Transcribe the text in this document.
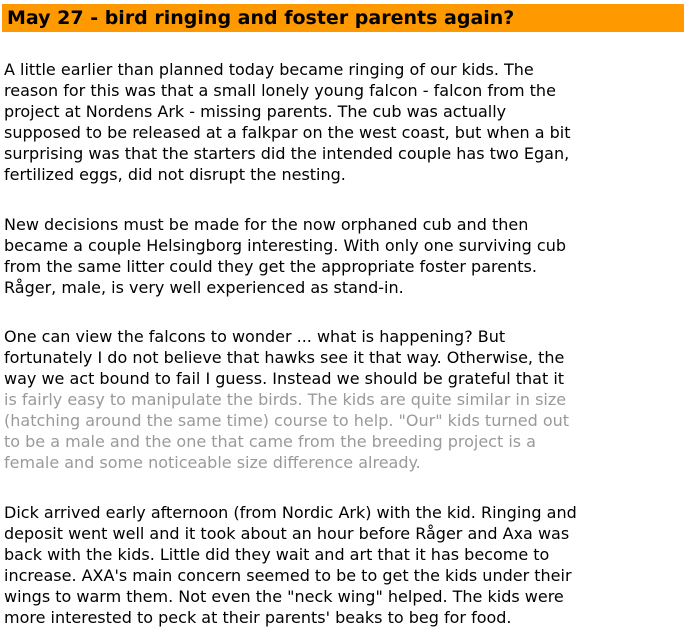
May 27 - bird ringing and foster parents again?
A little earlier than planned today became ringing of our kids. The
reason for this was that a small lonely young falcon - falcon from the
project at Nordens Ark - missing parents. The cub was actually
supposed to be released at a falkpar on the west coast, but when a bit
surprising was that the starters did the intended couple has two Egan,
fertilized eggs, did not disrupt the nesting.
New decisions must be made for the now orphaned cub and then
became a couple Helsingborg interesting. With only one surviving cub
from the same litter could they get the appropriate foster parents.
Råger, male, is very well experienced as stand-in.
One can view the falcons to wonder ... what is happening? But
fortunately I do not believe that hawks see it that way. Otherwise, the
way we act bound to fail I guess. Instead we should be grateful that it
is fairly easy to manipulate the birds. The kids are quite similar in size
(hatching around the same time) course to help. "Our" kids turned out
to be a male and the one that came from the breeding project is a
female and some noticeable size difference already.
Dick arrived early afternoon (from Nordic Ark) with the kid. Ringing and
deposit went well and it took about an hour before Råger and Axa was
back with the kids. Little did they wait and art that it has become to
increase. AXA's main concern seemed to be to get the kids under their
wings to warm them. Not even the "neck wing" helped. The kids were
more interested to peck at their parents' beaks to beg for food.
